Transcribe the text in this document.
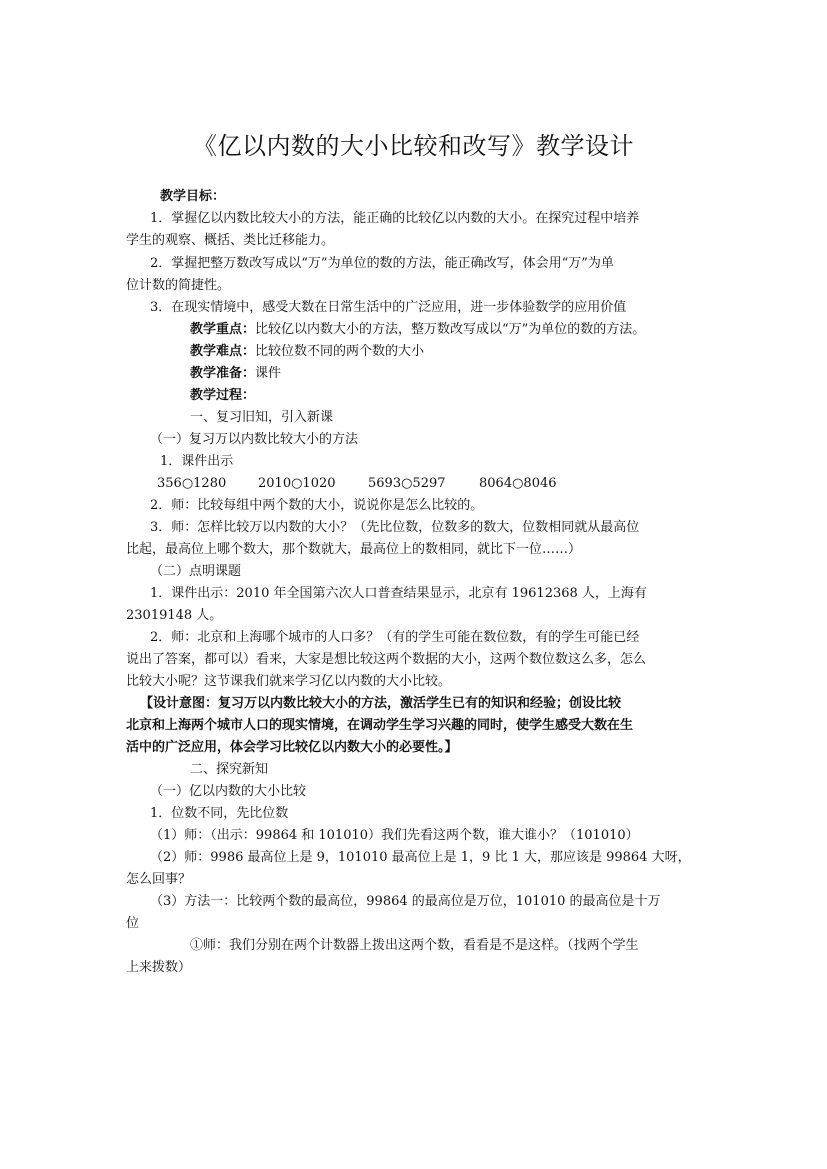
《亿以内数的大小比较和改写》教学设计
教学目标：
1．掌握亿以内数比较大小的方法，能正确的比较亿以内数的大小。在探究过程中培养
学生的观察、概括、类比迁移能力。
2．掌握把整万数改写成以“万”为单位的数的方法，能正确改写，体会用“万”为单
位计数的简捷性。
3．在现实情境中，感受大数在日常生活中的广泛应用，进一步体验数学的应用价值
教学重点：比较亿以内数大小的方法，整万数改写成以“万”为单位的数的方法。
教学难点：比较位数不同的两个数的大小
教学准备：课件
教学过程：
一、复习旧知，引入新课
（一）复习万以内数比较大小的方法
1．课件出示
356○1280 2010○1020 5693○5297	8064○8046
2．师：比较每组中两个数的大小，说说你是怎么比较的。
3．师：怎样比较万以内数的大小？（先比位数，位数多的数大，位数相同就从最高位
比起，最高位上哪个数大，那个数就大，最高位上的数相同，就比下一位……）
（二）点明课题
1．课件出示：2010 年全国第六次人口普查结果显示，北京有 19612368 人，上海有
23019148 人。
2．师：北京和上海哪个城市的人口多？（有的学生可能在数位数，有的学生可能已经
说出了答案，都可以）看来，大家是想比较这两个数据的大小，这两个数位数这么多，怎么
比较大小呢？这节课我们就来学习亿以内数的大小比较。
【设计意图：复习万以内数比较大小的方法，激活学生已有的知识和经验；创设比较
北京和上海两个城市人口的现实情境，在调动学生学习兴趣的同时，使学生感受大数在生
活中的广泛应用，体会学习比较亿以内数大小的必要性。】
二、探究新知
（一）亿以内数的大小比较
1．位数不同，先比位数
（1）师：（出示：99864 和 101010）我们先看这两个数，谁大谁小？（101010）
（2）师：9986 最高位上是 9，101010 最高位上是 1，9 比 1 大，那应该是 99864 大呀，
怎么回事？
（3）方法一：比较两个数的最高位，99864 的最高位是万位，101010 的最高位是十万
位
①师：我们分别在两个计数器上拨出这两个数，看看是不是这样。（找两个学生
上来拨数）
